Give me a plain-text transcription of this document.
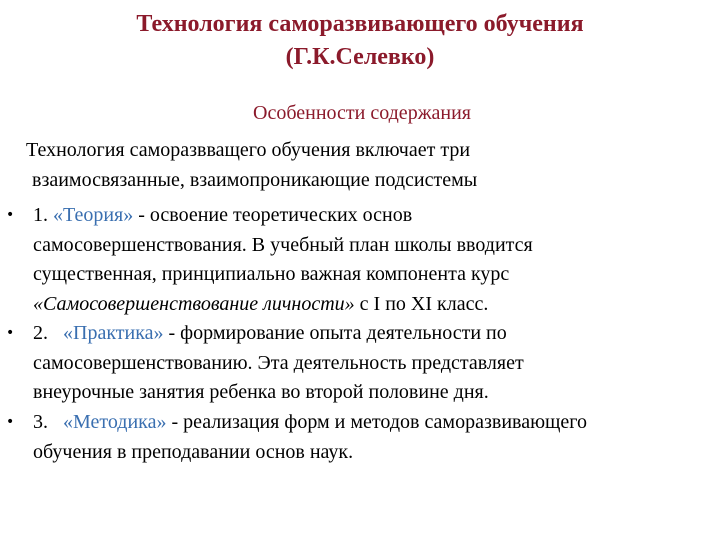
Технология саморазвивающего обучения
(Г.К.Селевко)
Особенности содержания
Технология саморазвващего обучения включает три
взаимосвязанные, взаимопроникающие подсистемы
• 1. «Теория» - освоение теоретических основ
самосовершенствования. В учебный план школы вводится
существенная, принципиально важная компонента курс
«Самосовершенствование личности» с I по XI класс.
• 2. «Практика» - формирование опыта деятельности по
самосовершенствованию. Эта деятельность представляет
внеурочные занятия ребенка во второй половине дня.
• 3. «Методика» - реализация форм и методов саморазвивающего
обучения в преподавании основ наук.
